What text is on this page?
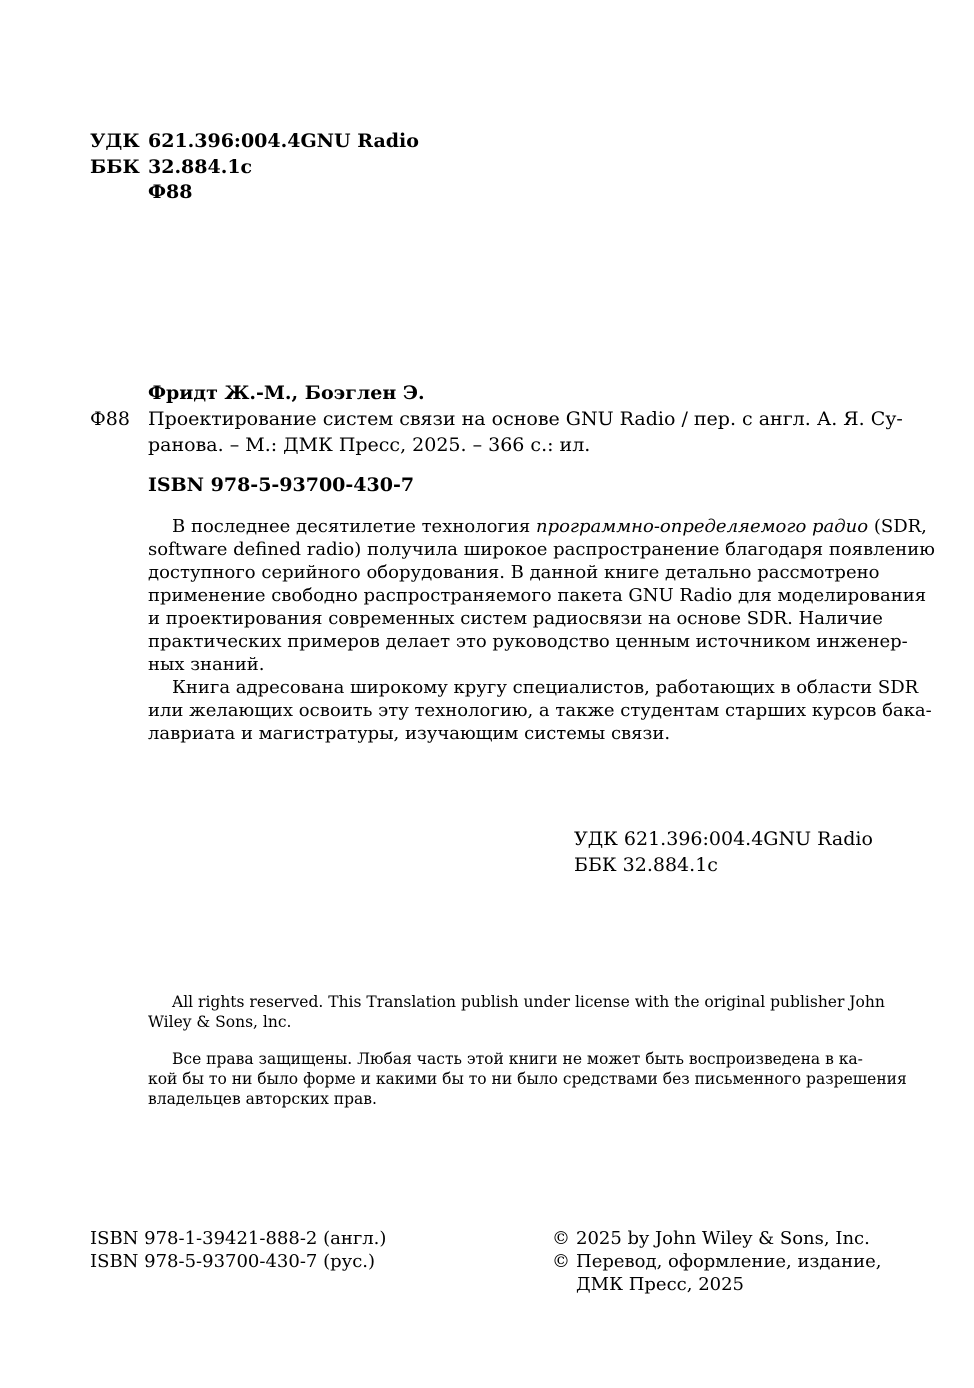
УДК 621.396:004.4GNU Radio
ББК 32.884.1с
Ф88
Фридт Ж.-М., Боэглен Э.
Ф88 Проектирование систем связи на основе GNU Radio / пер. с англ. А. Я. Су-
ранова. – М.: ДМК Пресс, 2025. – 366 с.: ил.
ISBN 978-5-93700-430-7
В последнее десятилетие технология программно-определяемого радио (SDR,
software defined radio) получила широкое распространение благодаря появлению
доступного серийного оборудования. В данной книге детально рассмотрено
применение свободно распространяемого пакета GNU Radio для моделирования
и проектирования современных систем радиосвязи на основе SDR. Наличие
практических примеров делает это руководство ценным источником инженер-
ных знаний.
Книга адресована широкому кругу специалистов, работающих в области SDR
или желающих освоить эту технологию, а также студентам старших курсов бака-
лавриата и магистратуры, изучающим системы связи.
УДК 621.396:004.4GNU Radio
ББК 32.884.1с
All rights reserved. This Translation publish under license with the original publisher John
Wiley & Sons, lnc.
Все права защищены. Любая часть этой книги не может быть воспроизведена в ка-
кой бы то ни было форме и какими бы то ни было средствами без письменного разрешения
владельцев авторских прав.
ISBN 978-1-39421-888-2 (англ.)
ISBN 978-5-93700-430-7 (рус.)
© 2025 by John Wiley & Sons, Inc.
© Перевод, оформление, издание,
ДМК Пресс, 2025
